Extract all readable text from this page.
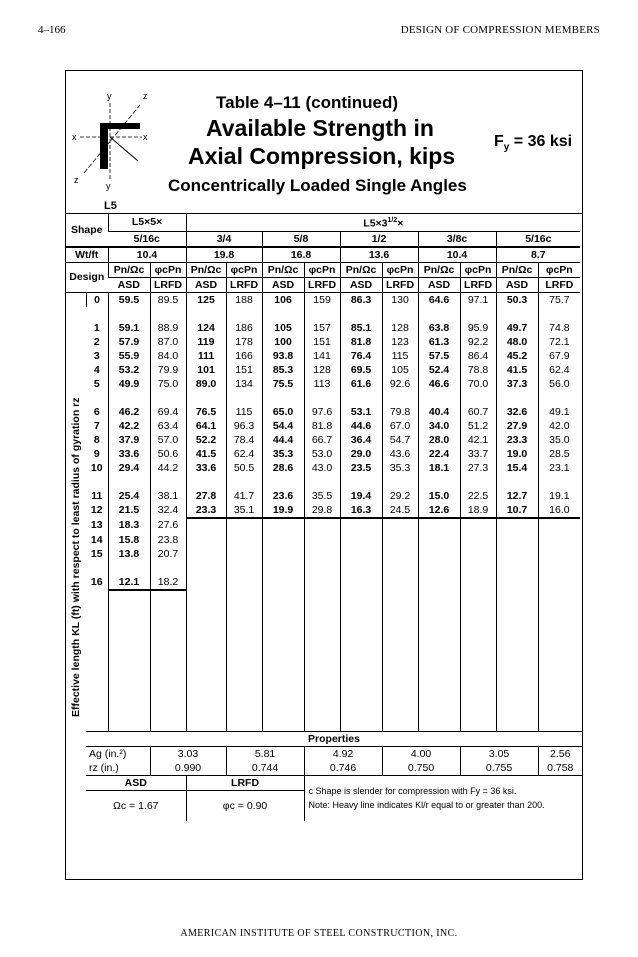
4–166	DESIGN OF COMPRESSION MEMBERS
y	z
x	x
z
y
L5
Table 4–11 (continued)
Available Strength in
Axial Compression, kips
Concentrically Loaded Single Angles
$F_y = 36$ ksi
Shape		L5×5×		$L5\times 3^{1/2}\times$									
		5/16c		3/4		5/8		1/2		3/8c		5/16c	
Wt/ft		10.4		19.8		16.8		13.6		10.4		8.7	
Design		Pn/Ωc	φcPn	Pn/Ωc	φcPn	Pn/Ωc	φcPn	Pn/Ωc	φcPn	Pn/Ωc	φcPn	Pn/Ωc	φcPn
		ASD	LRFD	ASD	LRFD	ASD	LRFD	ASD	LRFD	ASD	LRFD	ASD	LRFD

Effective length KL (ft) with respect to least radius of gyration rz	0	59.5	89.5	125	188	106	159	86.3	130	64.6	97.1	50.3	75.7

	1	59.1	88.9	124	186	105	157	85.1	128	63.8	95.9	49.7	74.8
	2	57.9	87.0	119	178	100	151	81.8	123	61.3	92.2	48.0	72.1
	3	55.9	84.0	111	166	93.8	141	76.4	115	57.5	86.4	45.2	67.9
	4	53.2	79.9	101	151	85.3	128	69.5	105	52.4	78.8	41.5	62.4
	5	49.9	75.0	89.0	134	75.5	113	61.6	92.6	46.6	70.0	37.3	56.0

	6	46.2	69.4	76.5	115	65.0	97.6	53.1	79.8	40.4	60.7	32.6	49.1
	7	42.2	63.4	64.1	96.3	54.4	81.8	44.6	67.0	34.0	51.2	27.9	42.0
	8	37.9	57.0	52.2	78.4	44.4	66.7	36.4	54.7	28.0	42.1	23.3	35.0
	9	33.6	50.6	41.5	62.4	35.3	53.0	29.0	43.6	22.4	33.7	19.0	28.5
	10	29.4	44.2	33.6	50.5	28.6	43.0	23.5	35.3	18.1	27.3	15.4	23.1

	11	25.4	38.1	27.8	41.7	23.6	35.5	19.4	29.2	15.0	22.5	12.7	19.1
	12	21.5	32.4	23.3	35.1	19.9	29.8	16.3	24.5	12.6	18.9	10.7	16.0
	13	18.3	27.6										
	14	15.8	23.8										
	15	13.8	20.7										

	16	12.1	18.2										

	Properties												
	Ag (in.²)		3.03		5.81		4.92		4.00		3.05		2.56
	rz (in.)		0.990		0.744		0.746		0.750		0.755		0.758
	ASD			LRFD			c Shape is slender for compression with Fy = 36 ksi.
Note: Heavy line indicates Kl/r equal to or greater than 200.						

	Ωc = 1.67			φc = 0.90									
AMERICAN INSTITUTE OF STEEL CONSTRUCTION, INC.
